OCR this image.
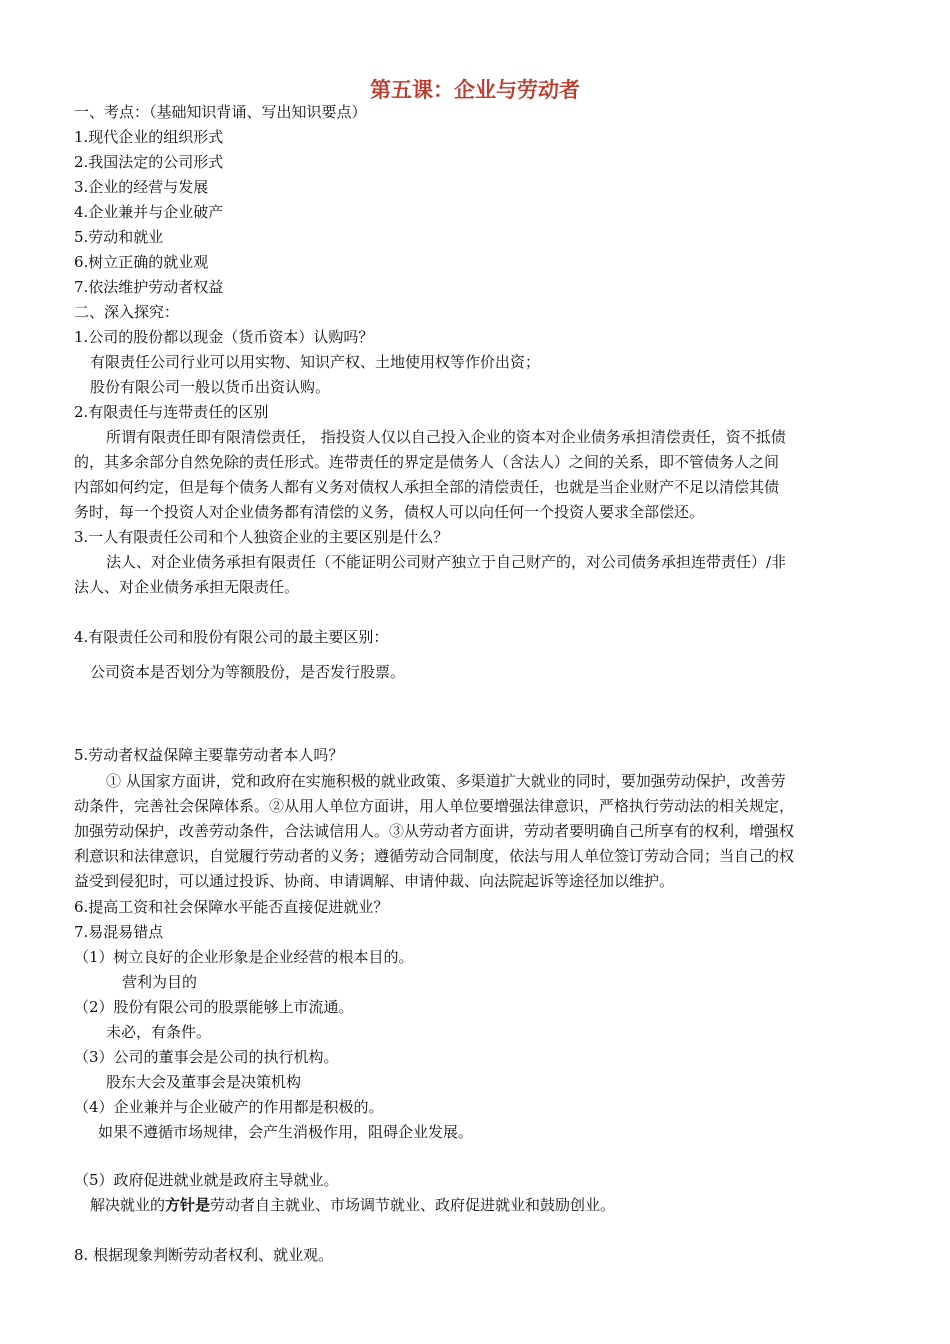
第五课：企业与劳动者
一、考点：（基础知识背诵、写出知识要点）
1.现代企业的组织形式
2.我国法定的公司形式
3.企业的经营与发展
4.企业兼并与企业破产
5.劳动和就业
6.树立正确的就业观
7.依法维护劳动者权益
二、深入探究：
1.公司的股份都以现金（货币资本）认购吗？
有限责任公司行业可以用实物、知识产权、土地使用权等作价出资；
股份有限公司一般以货币出资认购。
2.有限责任与连带责任的区别
所谓有限责任即有限清偿责任， 指投资人仅以自己投入企业的资本对企业债务承担清偿责任，资不抵债
的，其多余部分自然免除的责任形式。连带责任的界定是债务人（含法人）之间的关系，即不管债务人之间
内部如何约定，但是每个债务人都有义务对债权人承担全部的清偿责任，也就是当企业财产不足以清偿其债
务时，每一个投资人对企业债务都有清偿的义务，债权人可以向任何一个投资人要求全部偿还。
3.一人有限责任公司和个人独资企业的主要区别是什么？
法人、对企业债务承担有限责任（不能证明公司财产独立于自己财产的，对公司债务承担连带责任）/非
法人、对企业债务承担无限责任。
4.有限责任公司和股份有限公司的最主要区别：
公司资本是否划分为等额股份，是否发行股票。
5.劳动者权益保障主要靠劳动者本人吗？
① 从国家方面讲，党和政府在实施积极的就业政策、多渠道扩大就业的同时，要加强劳动保护，改善劳
动条件，完善社会保障体系。②从用人单位方面讲，用人单位要增强法律意识，严格执行劳动法的相关规定，
加强劳动保护，改善劳动条件，合法诚信用人。③从劳动者方面讲，劳动者要明确自己所享有的权利，增强权
利意识和法律意识，自觉履行劳动者的义务；遵循劳动合同制度，依法与用人单位签订劳动合同；当自己的权
益受到侵犯时，可以通过投诉、协商、申请调解、申请仲裁、向法院起诉等途径加以维护。
6.提高工资和社会保障水平能否直接促进就业？
7.易混易错点
（1）树立良好的企业形象是企业经营的根本目的。
营利为目的
（2）股份有限公司的股票能够上市流通。
未必，有条件。
（3）公司的董事会是公司的执行机构。
股东大会及董事会是决策机构
（4）企业兼并与企业破产的作用都是积极的。
如果不遵循市场规律，会产生消极作用，阻碍企业发展。
（5）政府促进就业就是政府主导就业。
解决就业的方针是劳动者自主就业、市场调节就业、政府促进就业和鼓励创业。
8. 根据现象判断劳动者权利、就业观。
